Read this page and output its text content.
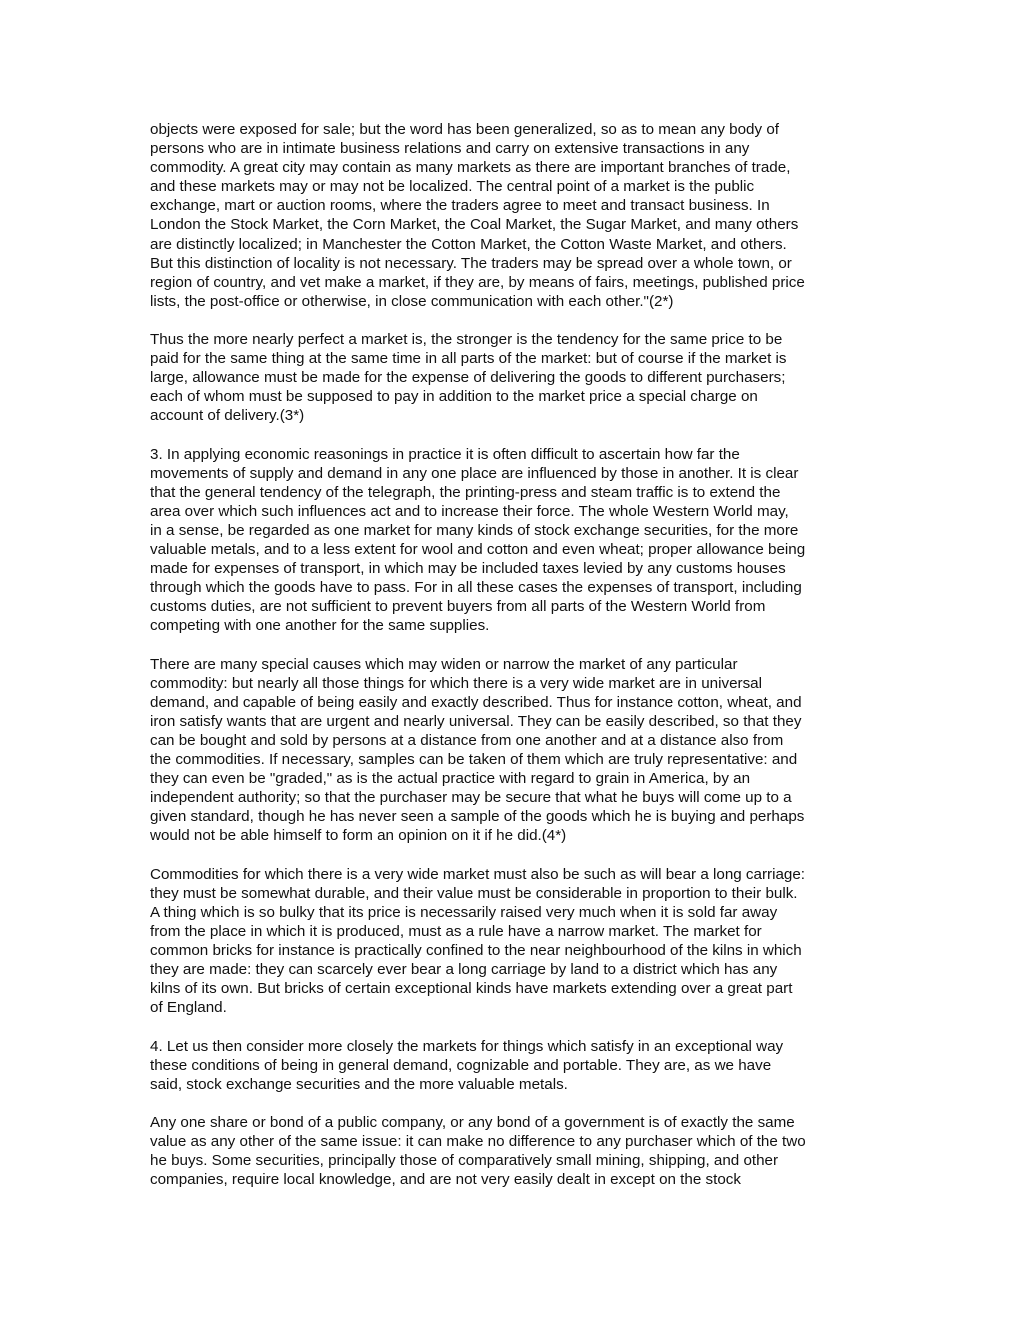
objects were exposed for sale; but the word has been generalized, so as to mean any body of
persons who are in intimate business relations and carry on extensive transactions in any
commodity. A great city may contain as many markets as there are important branches of trade,
and these markets may or may not be localized. The central point of a market is the public
exchange, mart or auction rooms, where the traders agree to meet and transact business. In
London the Stock Market, the Corn Market, the Coal Market, the Sugar Market, and many others
are distinctly localized; in Manchester the Cotton Market, the Cotton Waste Market, and others.
But this distinction of locality is not necessary. The traders may be spread over a whole town, or
region of country, and vet make a market, if they are, by means of fairs, meetings, published price
lists, the post-office or otherwise, in close communication with each other."(2*)

Thus the more nearly perfect a market is, the stronger is the tendency for the same price to be
paid for the same thing at the same time in all parts of the market: but of course if the market is
large, allowance must be made for the expense of delivering the goods to different purchasers;
each of whom must be supposed to pay in addition to the market price a special charge on
account of delivery.(3*)

3. In applying economic reasonings in practice it is often difficult to ascertain how far the
movements of supply and demand in any one place are influenced by those in another. It is clear
that the general tendency of the telegraph, the printing-press and steam traffic is to extend the
area over which such influences act and to increase their force. The whole Western World may,
in a sense, be regarded as one market for many kinds of stock exchange securities, for the more
valuable metals, and to a less extent for wool and cotton and even wheat; proper allowance being
made for expenses of transport, in which may be included taxes levied by any customs houses
through which the goods have to pass. For in all these cases the expenses of transport, including
customs duties, are not sufficient to prevent buyers from all parts of the Western World from
competing with one another for the same supplies.

There are many special causes which may widen or narrow the market of any particular
commodity: but nearly all those things for which there is a very wide market are in universal
demand, and capable of being easily and exactly described. Thus for instance cotton, wheat, and
iron satisfy wants that are urgent and nearly universal. They can be easily described, so that they
can be bought and sold by persons at a distance from one another and at a distance also from
the commodities. If necessary, samples can be taken of them which are truly representative: and
they can even be "graded," as is the actual practice with regard to grain in America, by an
independent authority; so that the purchaser may be secure that what he buys will come up to a
given standard, though he has never seen a sample of the goods which he is buying and perhaps
would not be able himself to form an opinion on it if he did.(4*)

Commodities for which there is a very wide market must also be such as will bear a long carriage:
they must be somewhat durable, and their value must be considerable in proportion to their bulk.
A thing which is so bulky that its price is necessarily raised very much when it is sold far away
from the place in which it is produced, must as a rule have a narrow market. The market for
common bricks for instance is practically confined to the near neighbourhood of the kilns in which
they are made: they can scarcely ever bear a long carriage by land to a district which has any
kilns of its own. But bricks of certain exceptional kinds have markets extending over a great part
of England.

4. Let us then consider more closely the markets for things which satisfy in an exceptional way
these conditions of being in general demand, cognizable and portable. They are, as we have
said, stock exchange securities and the more valuable metals.

Any one share or bond of a public company, or any bond of a government is of exactly the same
value as any other of the same issue: it can make no difference to any purchaser which of the two
he buys. Some securities, principally those of comparatively small mining, shipping, and other
companies, require local knowledge, and are not very easily dealt in except on the stock
